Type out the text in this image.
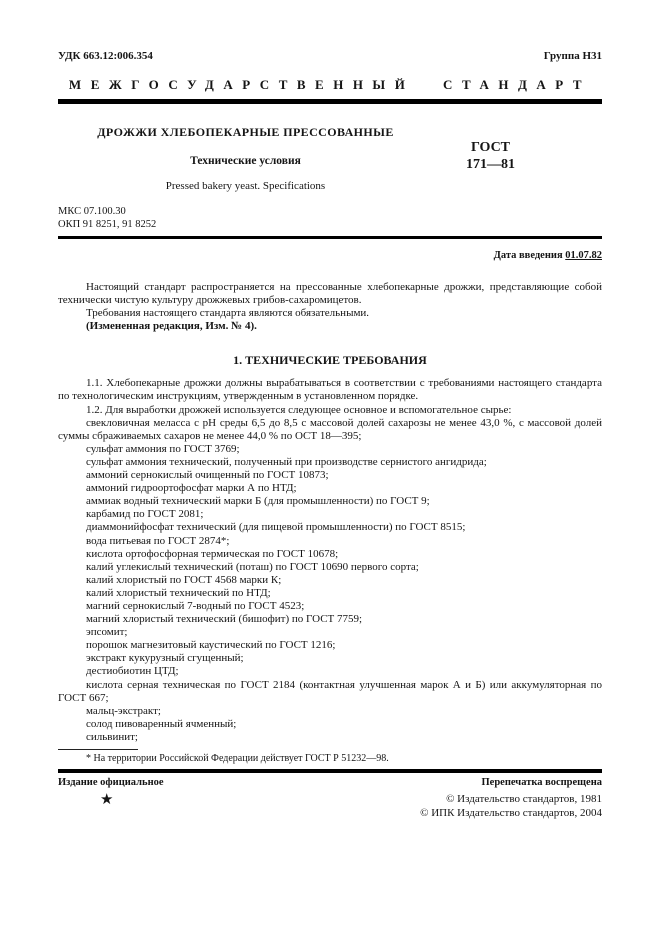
УДК 663.12:006.354	Группа Н31
МЕЖГОСУДАРСТВЕННЫЙ СТАНДАРТ
ДРОЖЖИ ХЛЕБОПЕКАРНЫЕ ПРЕССОВАННЫЕ
Технические условия
Pressed bakery yeast. Specifications
ГОСТ
171—81
МКС 07.100.30
ОКП 91 8251, 91 8252
Дата введения 01.07.82

Настоящий стандарт распространяется на прессованные хлебопекарные дрожжи, представляющие собой технически чистую культуру дрожжевых грибов-сахаромицетов.

Требования настоящего стандарта являются обязательными.

(Измененная редакция, Изм. № 4).

1. ТЕХНИЧЕСКИЕ ТРЕБОВАНИЯ

1.1. Хлебопекарные дрожжи должны вырабатываться в соответствии с требованиями настоящего стандарта по технологическим инструкциям, утвержденным в установленном порядке.

1.2. Для выработки дрожжей используется следующее основное и вспомогательное сырье:

свекловичная меласса с рН среды 6,5 до 8,5 с массовой долей сахарозы не менее 43,0 %, с массовой долей суммы сбраживаемых сахаров не менее 44,0 % по ОСТ 18—395;

сульфат аммония по ГОСТ 3769;

сульфат аммония технический, полученный при производстве сернистого ангидрида;

аммоний сернокислый очищенный по ГОСТ 10873;

аммоний гидроортофосфат марки А по НТД;

аммиак водный технический марки Б (для промышленности) по ГОСТ 9;

карбамид по ГОСТ 2081;

диаммонийфосфат технический (для пищевой промышленности) по ГОСТ 8515;

вода питьевая по ГОСТ 2874*;

кислота ортофосфорная термическая по ГОСТ 10678;

калий углекислый технический (поташ) по ГОСТ 10690 первого сорта;

калий хлористый по ГОСТ 4568 марки К;

калий хлористый технический по НТД;

магний сернокислый 7-водный по ГОСТ 4523;

магний хлористый технический (бишофит) по ГОСТ 7759;

эпсомит;

порошок магнезитовый каустический по ГОСТ 1216;

экстракт кукурузный сгущенный;

дестиобиотин ЦТД;

кислота серная техническая по ГОСТ 2184 (контактная улучшенная марок А и Б) или аккумуляторная по ГОСТ 667;

мальц-экстракт;

солод пивоваренный ячменный;

сильвинит;

* На территории Российской Федерации действует ГОСТ Р 51232—98.

Издание официальное	Перепечатка воспрещена
★	© Издательство стандартов, 1981
© ИПК Издательство стандартов, 2004
